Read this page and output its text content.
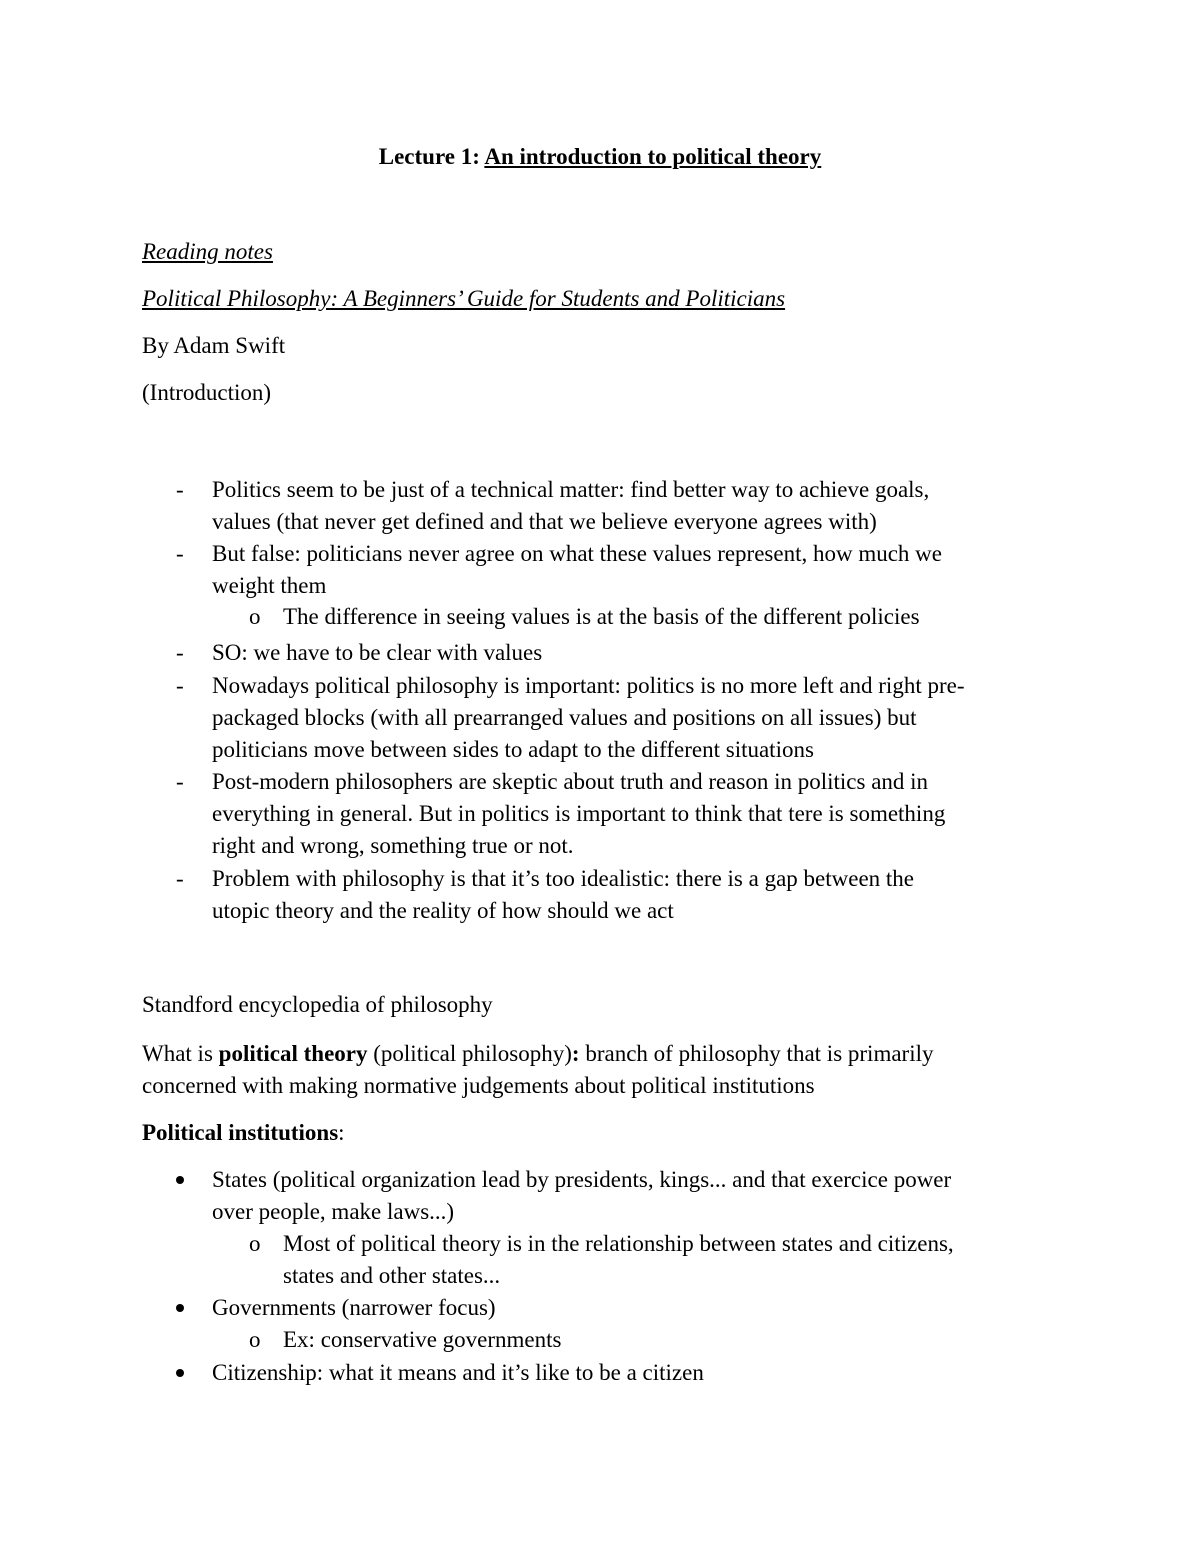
Lecture 1: An introduction to political theory
Reading notes
Political Philosophy: A Beginners’ Guide for Students and Politicians
By Adam Swift
(Introduction)
- Politics seem to be just of a technical matter: find better way to achieve goals,
values (that never get defined and that we believe everyone agrees with)
- But false: politicians never agree on what these values represent, how much we
weight them
o The difference in seeing values is at the basis of the different policies
- SO: we have to be clear with values
- Nowadays political philosophy is important: politics is no more left and right pre-
packaged blocks (with all prearranged values and positions on all issues) but
politicians move between sides to adapt to the different situations
- Post-modern philosophers are skeptic about truth and reason in politics and in
everything in general. But in politics is important to think that tere is something
right and wrong, something true or not.
- Problem with philosophy is that it’s too idealistic: there is a gap between the
utopic theory and the reality of how should we act
Standford encyclopedia of philosophy
What is political theory (political philosophy): branch of philosophy that is primarily
concerned with making normative judgements about political institutions
Political institutions:
States (political organization lead by presidents, kings... and that exercice power
over people, make laws...)
o Most of political theory is in the relationship between states and citizens,
states and other states...
Governments (narrower focus)
o Ex: conservative governments
Citizenship: what it means and it’s like to be a citizen
